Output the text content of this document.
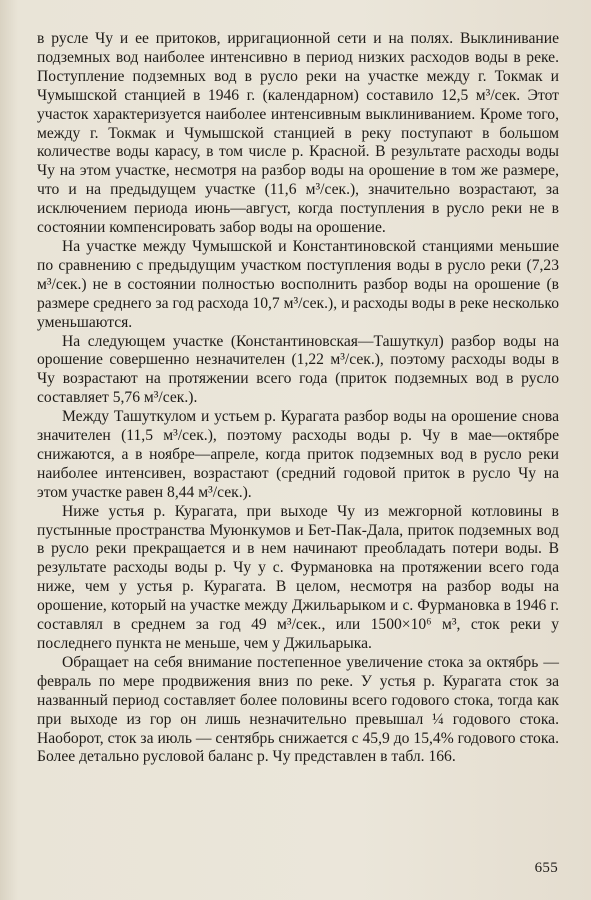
в русле Чу и ее притоков, ирригационной сети и на полях. Выклинивание подземных вод наиболее интенсивно в период низких расходов воды в реке. Поступление подземных вод в русло реки на участке между г. Токмак и Чумышской станцией в 1946 г. (календарном) составило 12,5 м³/сек. Этот участок характеризуется наиболее интенсивным выклиниванием. Кроме того, между г. Токмак и Чумышской станцией в реку поступают в большом количестве воды карасу, в том числе р. Красной. В результате расходы воды Чу на этом участке, несмотря на разбор воды на орошение в том же размере, что и на предыдущем участке (11,6 м³/сек.), значительно возрастают, за исключением периода июнь—август, когда поступления в русло реки не в состоянии компенсировать забор воды на орошение.

На участке между Чумышской и Константиновской станциями меньшие по сравнению с предыдущим участком поступления воды в русло реки (7,23 м³/сек.) не в состоянии полностью восполнить разбор воды на орошение (в размере среднего за год расхода 10,7 м³/сек.), и расходы воды в реке несколько уменьшаются.

На следующем участке (Константиновская—Ташуткул) разбор воды на орошение совершенно незначителен (1,22 м³/сек.), поэтому расходы воды в Чу возрастают на протяжении всего года (приток подземных вод в русло составляет 5,76 м³/сек.).

Между Ташуткулом и устьем р. Курагата разбор воды на орошение снова значителен (11,5 м³/сек.), поэтому расходы воды р. Чу в мае—октябре снижаются, а в ноябре—апреле, когда приток подземных вод в русло реки наиболее интенсивен, возрастают (средний годовой приток в русло Чу на этом участке равен 8,44 м³/сек.).

Ниже устья р. Курагата, при выходе Чу из межгорной котловины в пустынные пространства Муюнкумов и Бет-Пак-Дала, приток подземных вод в русло реки прекращается и в нем начинают преобладать потери воды. В результате расходы воды р. Чу у с. Фурмановка на протяжении всего года ниже, чем у устья р. Курагата. В целом, несмотря на разбор воды на орошение, который на участке между Джильарыком и с. Фурмановка в 1946 г. составлял в среднем за год 49 м³/сек., или 1500×10⁶ м³, сток реки у последнего пункта не меньше, чем у Джильарыка.

Обращает на себя внимание постепенное увеличение стока за октябрь — февраль по мере продвижения вниз по реке. У устья р. Курагата сток за названный период составляет более половины всего годового стока, тогда как при выходе из гор он лишь незначительно превышал ¼ годового стока. Наоборот, сток за июль — сентябрь снижается с 45,9 до 15,4% годового стока. Более детально русловой баланс р. Чу представлен в табл. 166.

655
